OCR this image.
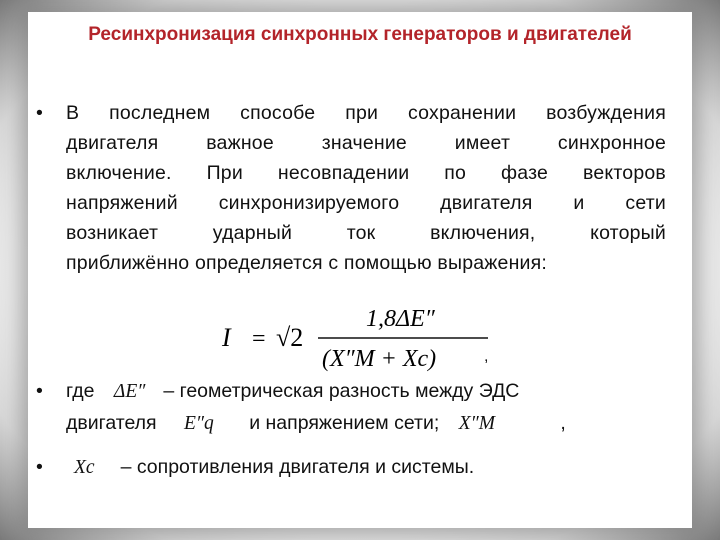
Ресинхронизация синхронных генераторов и двигателей
• В последнем способе при сохранении возбуждения
двигателя важное значение имеет синхронное
включение. При несовпадении по фазе векторов
напряжений синхронизируемого двигателя и сети
возникает ударный ток включения, который
приближённо определяется с помощью выражения:
I = √2
1,8ΔE″
(X″M + Xc)	,
• где ΔE″ – геометрическая разность между ЭДС
двигателя E″q и напряжением сети; X″M	,
• Xc – сопротивления двигателя и системы.
